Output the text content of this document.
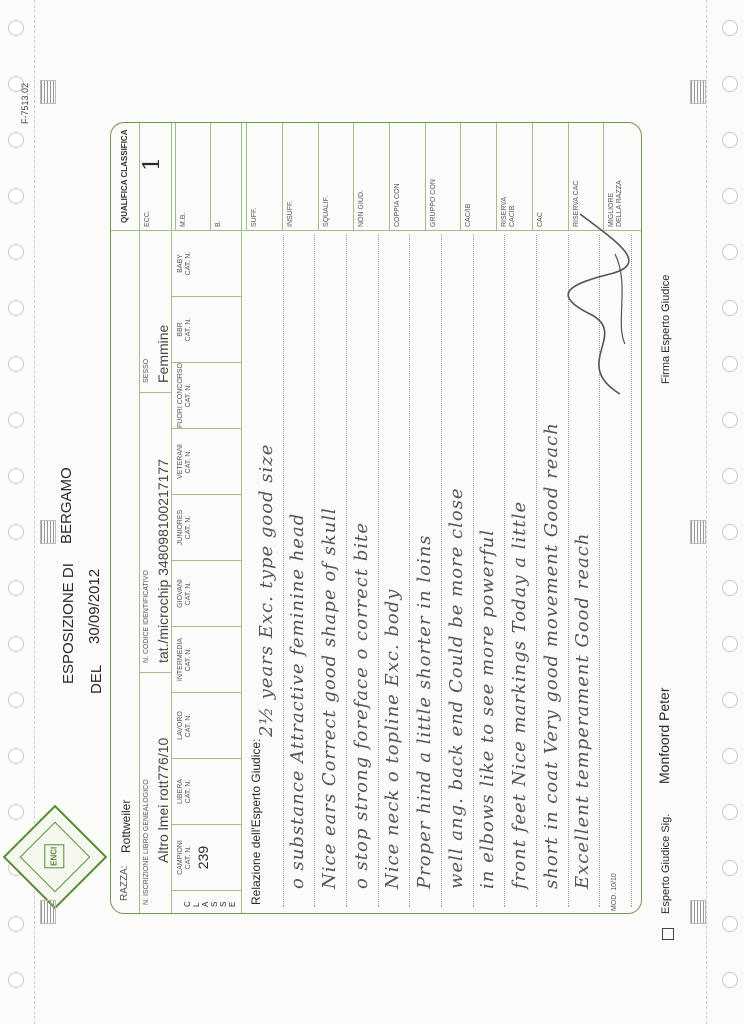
F-7513.02
ENCI
ESPOSIZIONE DI
BERGAMO
DEL
30/09/2012
RAZZA:
Rottweiler N. ISCRIZIONE LIBRO GENEALOGICO Altro lmei rott776/10
N. CODICE IDENTIFICATIVO tat./microchip 348098100217177
SESSO Femmine
CLASSE
CAMPIONI CAT. N. 239
LIBERA CAT. N.
LAVORO CAT. N.
INTERMEDIA CAT. N.
GIOVANI CAT. N.
JUNIORES CAT. N.
VETERANI CAT. N.
FUORI CONCORSO CAT. N.
BBR CAT. N.
BABY CAT. N.
QUALIFICA CLASSIFICA ECC.
1
M.B.	B.	SUFF.	INSUFF.	SQUALIF.	NON GIUD.	COPPIA CON	GRUPPO CON	CAC/IB	RISERVA CACIB	CAC	RISERVA CAC	MIGLIORE DELLA RAZZA
Relazione dell'Esperto Giudice:
2½ years Exc. type good size o substance Attractive feminine head Nice ears Correct good shape of skull o stop strong foreface o correct bite Nice neck o topline Exc. body Proper hind a little shorter in loins well ang. back end Could be more close in elbows like to see more powerful front feet Nice markings Today a little short in coat Very good movement Good reach Excellent temperament Good reach
MOD. 10/10	Esperto Giudice Sig.
Monfoord Peter
Firma Esperto Giudice
